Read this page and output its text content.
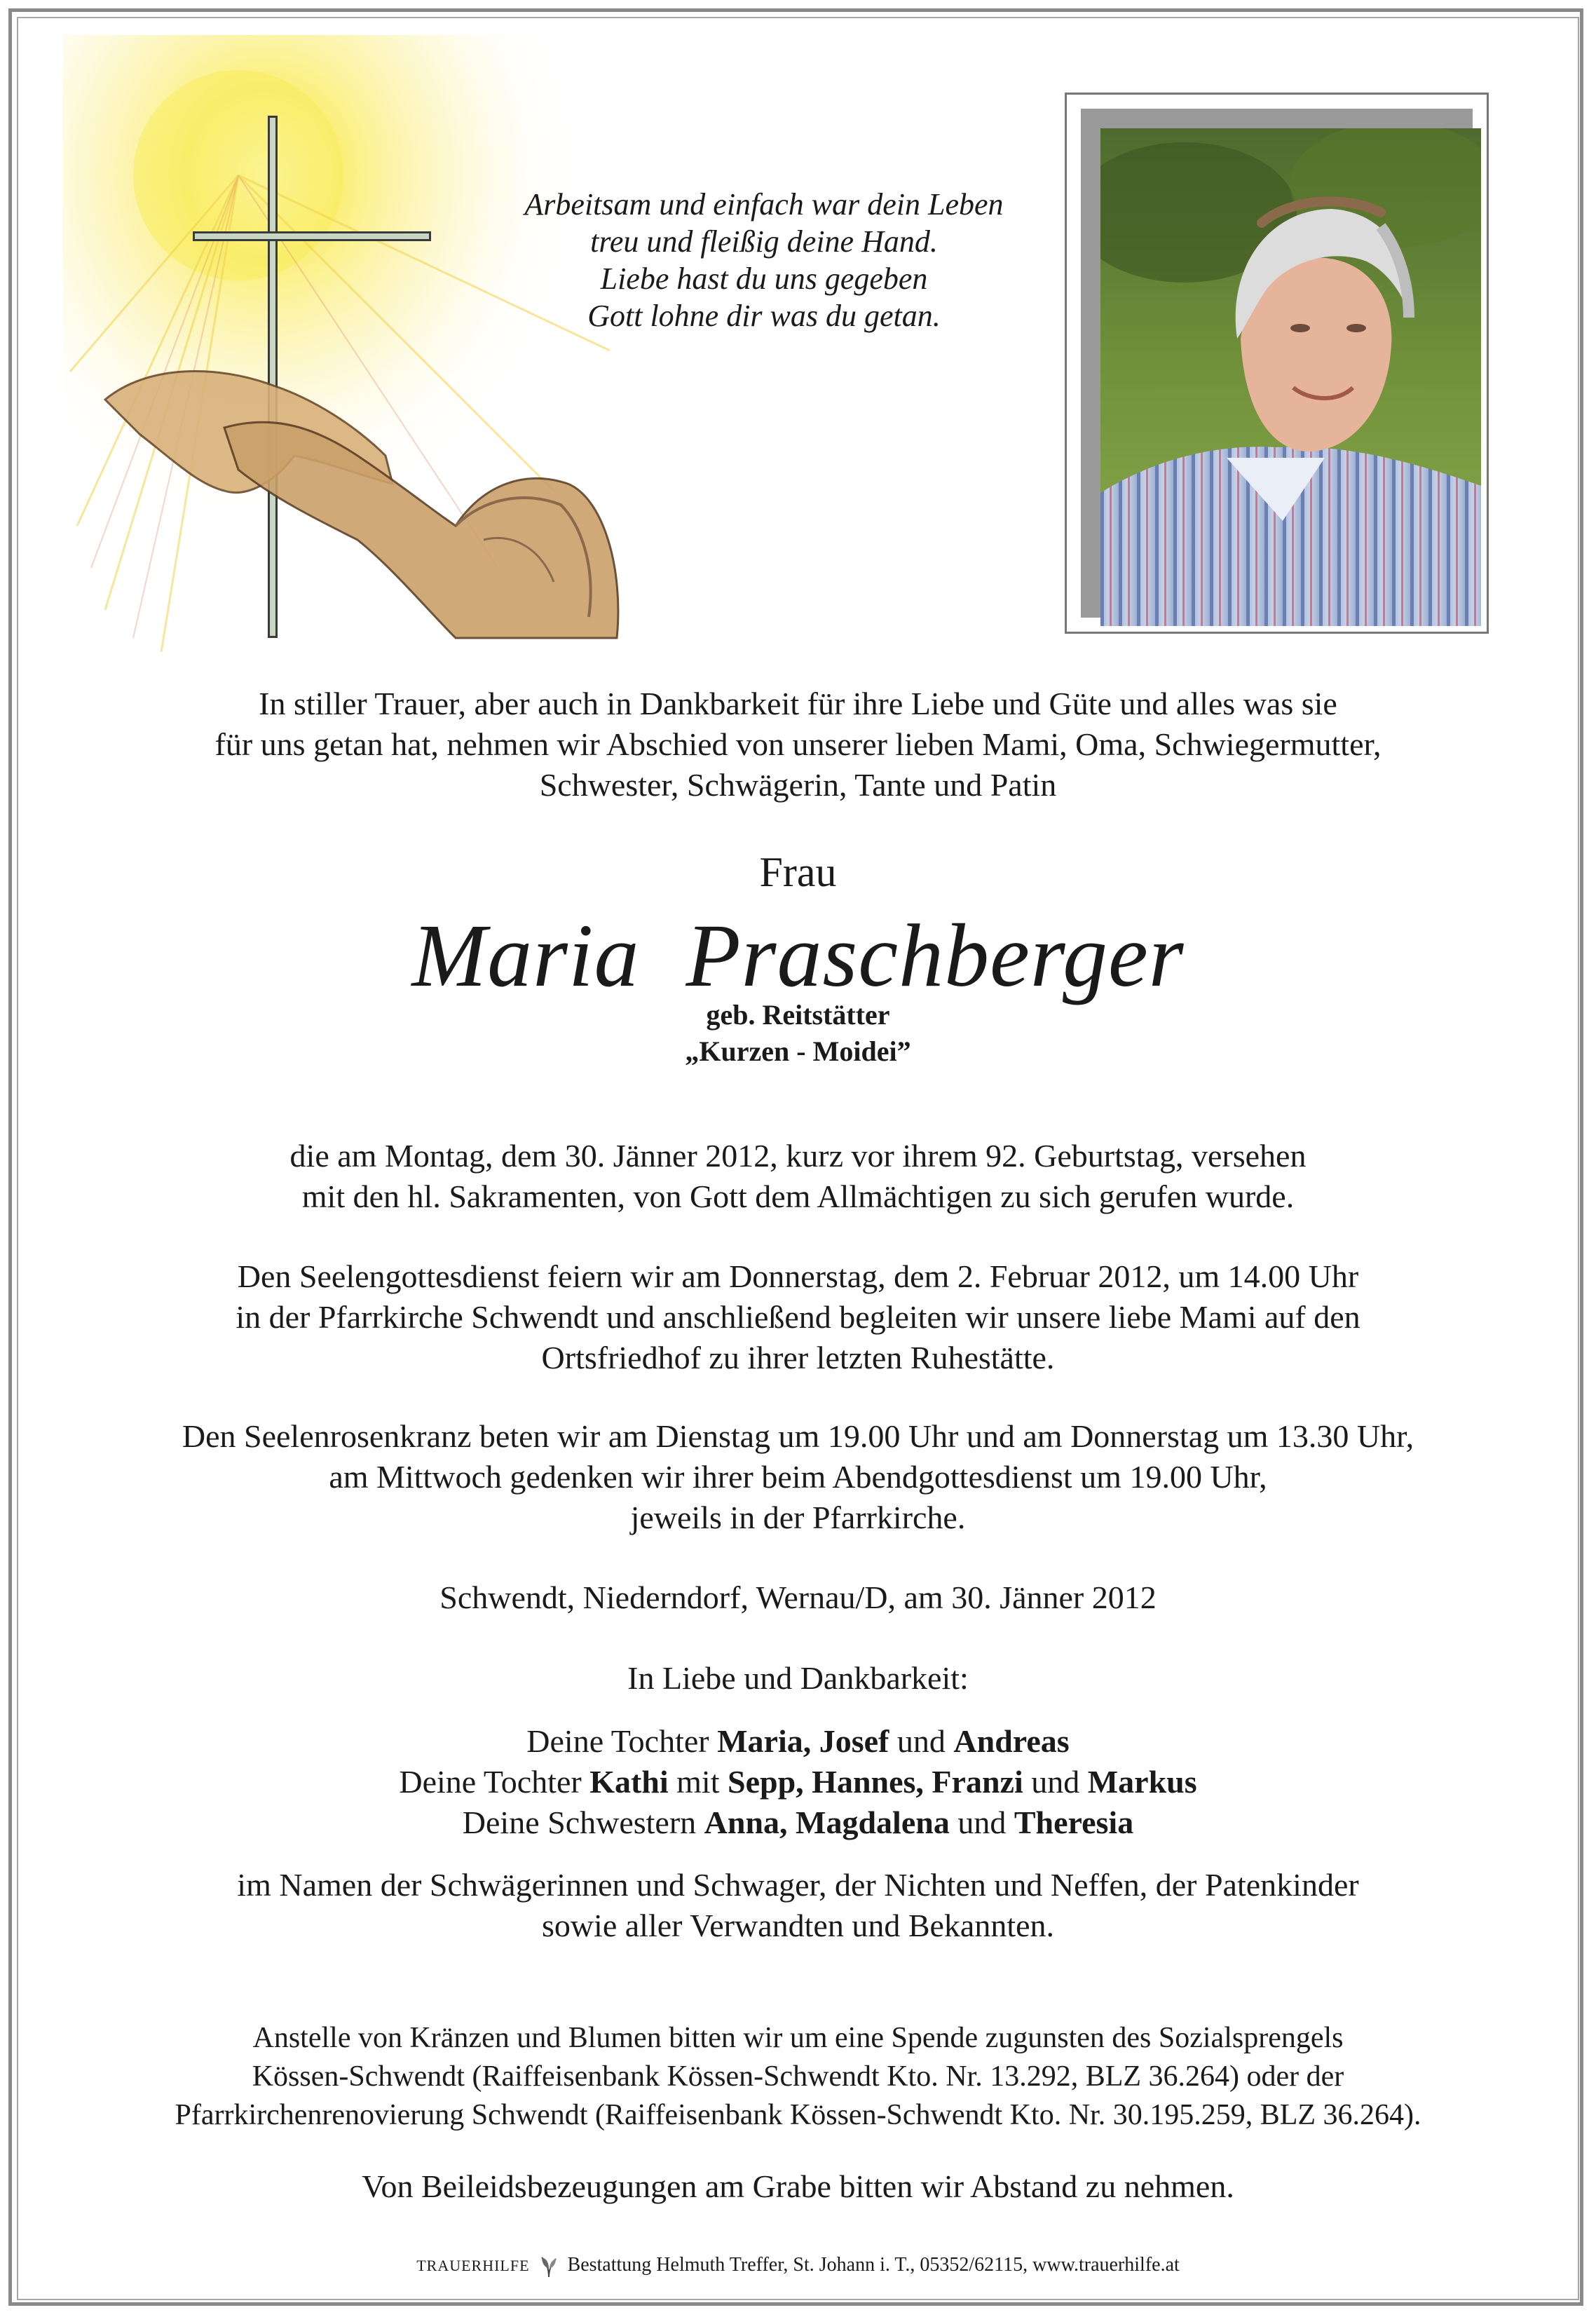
Arbeitsam und einfach war dein Leben
treu und fleißig deine Hand.
Liebe hast du uns gegeben
Gott lohne dir was du getan.
In stiller Trauer, aber auch in Dankbarkeit für ihre Liebe und Güte und alles was sie
für uns getan hat, nehmen wir Abschied von unserer lieben Mami, Oma, Schwiegermutter,
Schwester, Schwägerin, Tante und Patin
Frau
Maria  Praschberger
geb. Reitstätter
„Kurzen - Moidei”
die am Montag, dem 30. Jänner 2012, kurz vor ihrem 92. Geburtstag, versehen
mit den hl. Sakramenten, von Gott dem Allmächtigen zu sich gerufen wurde.
Den Seelengottesdienst feiern wir am Donnerstag, dem 2. Februar 2012, um 14.00 Uhr
in der Pfarrkirche Schwendt und anschließend begleiten wir unsere liebe Mami auf den
Ortsfriedhof zu ihrer letzten Ruhestätte.
Den Seelenrosenkranz beten wir am Dienstag um 19.00 Uhr und am Donnerstag um 13.30 Uhr,
am Mittwoch gedenken wir ihrer beim Abendgottesdienst um 19.00 Uhr,
jeweils in der Pfarrkirche.
Schwendt, Niederndorf, Wernau/D, am 30. Jänner 2012
In Liebe und Dankbarkeit:
Deine Tochter Maria, Josef und Andreas
Deine Tochter Kathi mit Sepp, Hannes, Franzi und Markus
Deine Schwestern Anna, Magdalena und Theresia
im Namen der Schwägerinnen und Schwager, der Nichten und Neffen, der Patenkinder
sowie aller Verwandten und Bekannten.
Anstelle von Kränzen und Blumen bitten wir um eine Spende zugunsten des Sozialsprengels
Kössen-Schwendt (Raiffeisenbank Kössen-Schwendt Kto. Nr. 13.292, BLZ 36.264) oder der
Pfarrkirchenrenovierung Schwendt (Raiffeisenbank Kössen-Schwendt Kto. Nr. 30.195.259, BLZ 36.264).
Von Beileidsbezeugungen am Grabe bitten wir Abstand zu nehmen.
TRAUERHILFE Bestattung Helmuth Treffer, St. Johann i. T., 05352/62115, www.trauerhilfe.at
